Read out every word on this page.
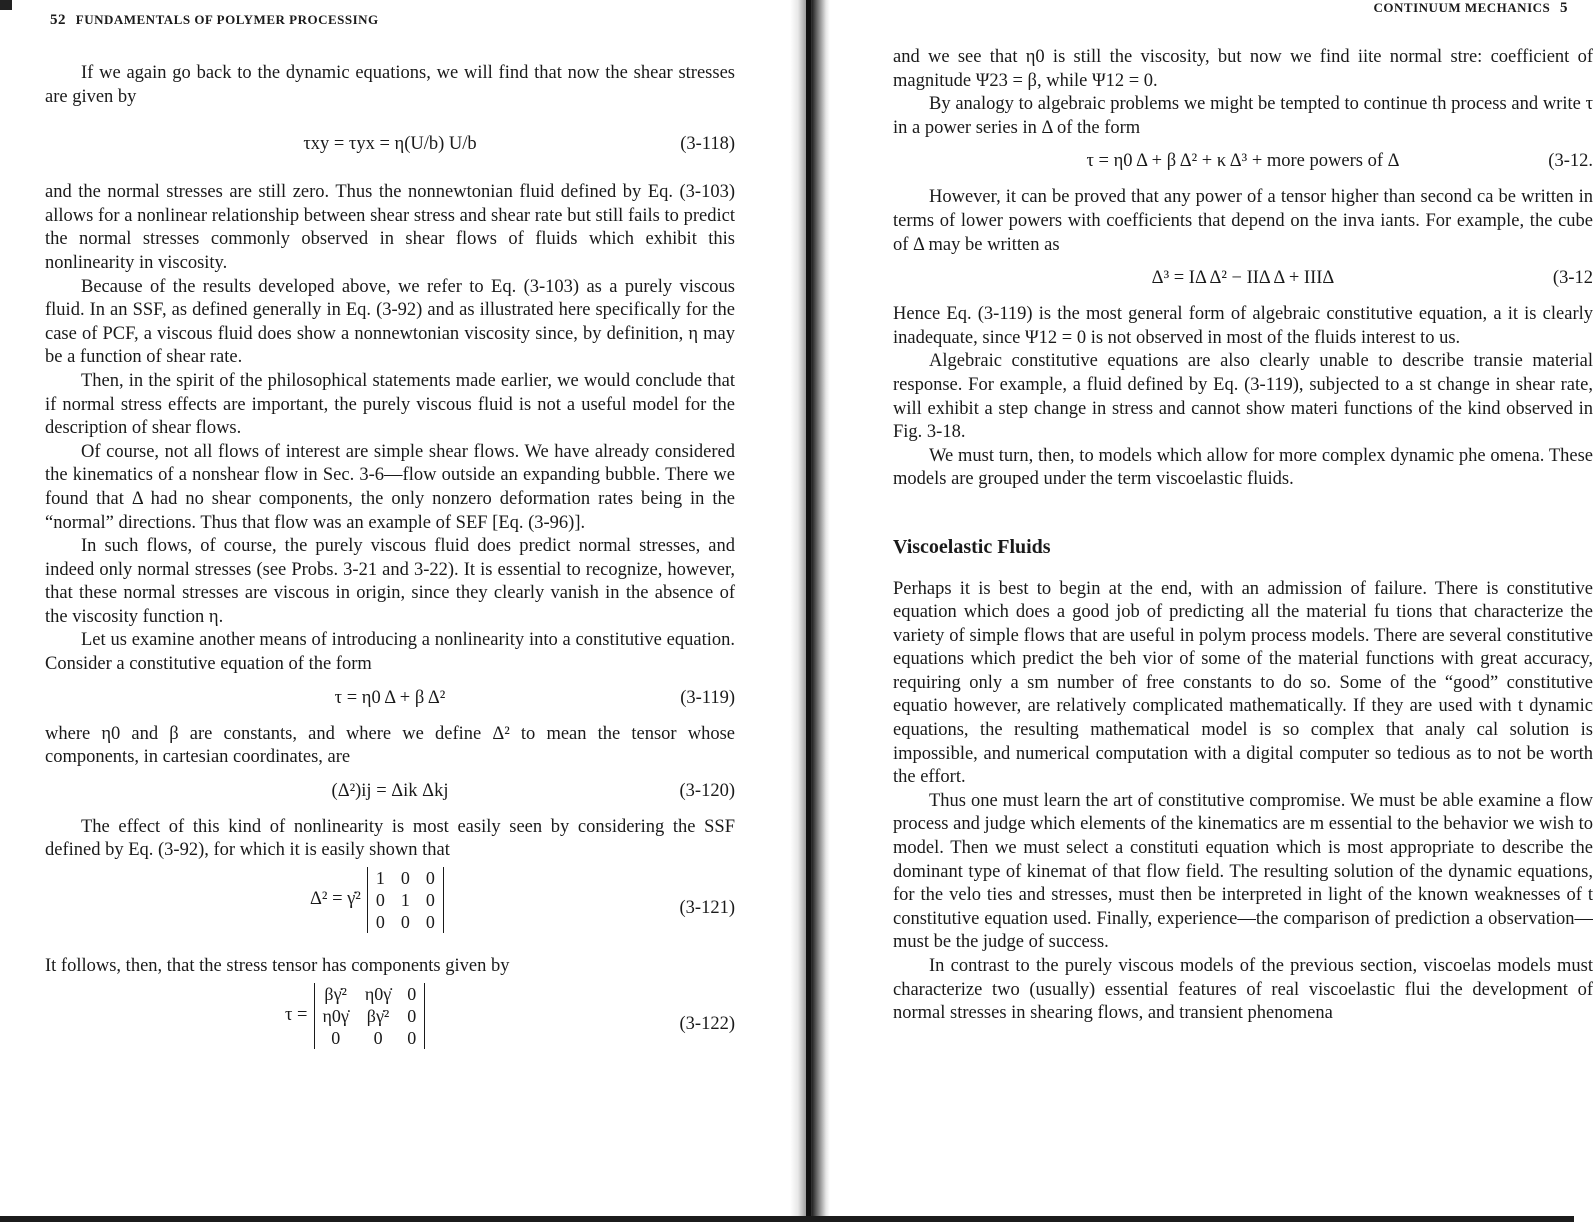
52 FUNDAMENTALS OF POLYMER PROCESSING

If we again go back to the dynamic equations, we will find that now the shear stresses are given by

τxy = τyx = η(U/b) U/b	(3-118)

and the normal stresses are still zero. Thus the nonnewtonian fluid defined by Eq. (3-103) allows for a nonlinear relationship between shear stress and shear rate but still fails to predict the normal stresses commonly observed in shear flows of fluids which exhibit this nonlinearity in viscosity.

Because of the results developed above, we refer to Eq. (3-103) as a purely viscous fluid. In an SSF, as defined generally in Eq. (3-92) and as illustrated here specifically for the case of PCF, a viscous fluid does show a nonnewtonian viscosity since, by definition, η may be a function of shear rate.

Then, in the spirit of the philosophical statements made earlier, we would conclude that if normal stress effects are important, the purely viscous fluid is not a useful model for the description of shear flows.

Of course, not all flows of interest are simple shear flows. We have already considered the kinematics of a nonshear flow in Sec. 3-6—flow outside an expanding bubble. There we found that Δ had no shear components, the only nonzero deformation rates being in the “normal” directions. Thus that flow was an example of SEF [Eq. (3-96)].

In such flows, of course, the purely viscous fluid does predict normal stresses, and indeed only normal stresses (see Probs. 3-21 and 3-22). It is essential to recognize, however, that these normal stresses are viscous in origin, since they clearly vanish in the absence of the viscosity function η.

Let us examine another means of introducing a nonlinearity into a constitutive equation. Consider a constitutive equation of the form

τ = η0 Δ + β Δ²	(3-119)

where η0 and β are constants, and where we define Δ² to mean the tensor whose components, in cartesian coordinates, are

(Δ²)ij = Δik Δkj	(3-120)

The effect of this kind of nonlinearity is most easily seen by considering the SSF defined by Eq. (3-92), for which it is easily shown that

Δ² = γ̇²
1	0	0
0	1	0
0	0	0
(3-121)

It follows, then, that the stress tensor has components given by

τ =
βγ̇²	η0γ̇	0
η0γ̇	βγ̇²	0
0	0	0
(3-122)
CONTINUUM MECHANICS 5

and we see that η0 is still the viscosity, but now we find iite normal stre: coefficient of magnitude Ψ23 = β, while Ψ12 = 0.

By analogy to algebraic problems we might be tempted to continue th process and write τ in a power series in Δ of the form

τ = η0 Δ + β Δ² + κ Δ³ + more powers of Δ	(3-12.

However, it can be proved that any power of a tensor higher than second ca be written in terms of lower powers with coefficients that depend on the inva iants. For example, the cube of Δ may be written as

Δ³ = IΔ Δ² − IIΔ Δ + IIIΔ	(3-12

Hence Eq. (3-119) is the most general form of algebraic constitutive equation, a it is clearly inadequate, since Ψ12 = 0 is not observed in most of the fluids interest to us.

Algebraic constitutive equations are also clearly unable to describe transie material response. For example, a fluid defined by Eq. (3-119), subjected to a st change in shear rate, will exhibit a step change in stress and cannot show materi functions of the kind observed in Fig. 3-18.

We must turn, then, to models which allow for more complex dynamic phe omena. These models are grouped under the term viscoelastic fluids.

Viscoelastic Fluids

Perhaps it is best to begin at the end, with an admission of failure. There is constitutive equation which does a good job of predicting all the material fu tions that characterize the variety of simple flows that are useful in polym process models. There are several constitutive equations which predict the beh vior of some of the material functions with great accuracy, requiring only a sm number of free constants to do so. Some of the “good” constitutive equatio however, are relatively complicated mathematically. If they are used with t dynamic equations, the resulting mathematical model is so complex that analy cal solution is impossible, and numerical computation with a digital computer so tedious as to not be worth the effort.

Thus one must learn the art of constitutive compromise. We must be able examine a flow process and judge which elements of the kinematics are m essential to the behavior we wish to model. Then we must select a constituti equation which is most appropriate to describe the dominant type of kinemat of that flow field. The resulting solution of the dynamic equations, for the velo ties and stresses, must then be interpreted in light of the known weaknesses of t constitutive equation used. Finally, experience—the comparison of prediction a observation—must be the judge of success.

In contrast to the purely viscous models of the previous section, viscoelas models must characterize two (usually) essential features of real viscoelastic flui the development of normal stresses in shearing flows, and transient phenomena
